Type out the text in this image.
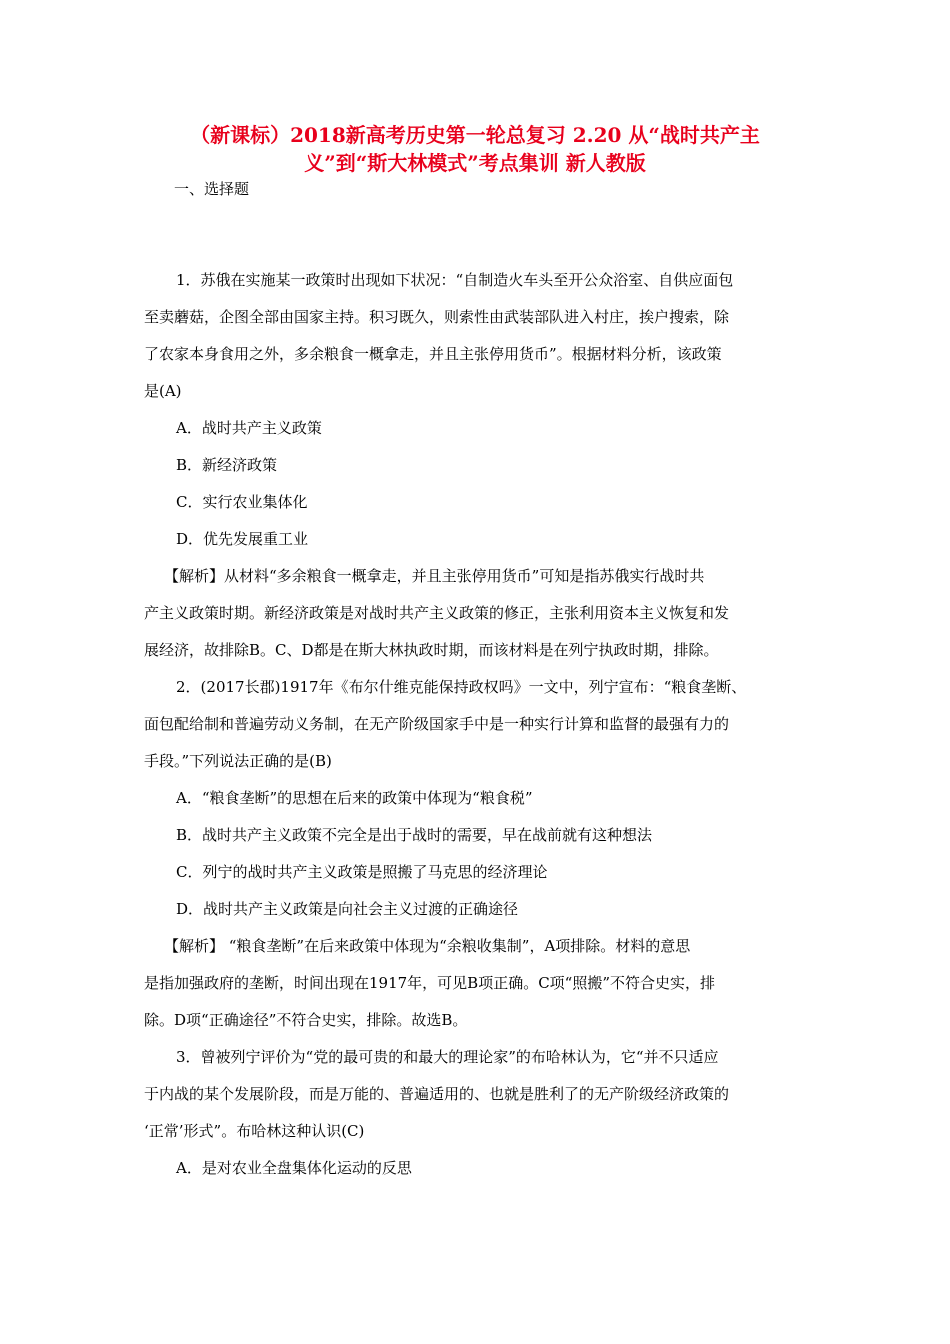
（新课标）2018新高考历史第一轮总复习 2.20 从“战时共产主
义”到“斯大林模式”考点集训 新人教版

一、选择题

1．苏俄在实施某一政策时出现如下状况：“自制造火车头至开公众浴室、自供应面包
至卖蘑菇，企图全部由国家主持。积习既久，则索性由武装部队进入村庄，挨户搜索，除
了农家本身食用之外，多余粮食一概拿走，并且主张停用货币”。根据材料分析，该政策
是(A)

A．战时共产主义政策

B．新经济政策

C．实行农业集体化

D．优先发展重工业

【解析】从材料“多余粮食一概拿走，并且主张停用货币”可知是指苏俄实行战时共
产主义政策时期。新经济政策是对战时共产主义政策的修正，主张利用资本主义恢复和发
展经济，故排除B。C、D都是在斯大林执政时期，而该材料是在列宁执政时期，排除。

2．(2017长郡)1917年《布尔什维克能保持政权吗》一文中，列宁宣布：“粮食垄断、
面包配给制和普遍劳动义务制，在无产阶级国家手中是一种实行计算和监督的最强有力的
手段。”下列说法正确的是(B)

A．“粮食垄断”的思想在后来的政策中体现为“粮食税”

B．战时共产主义政策不完全是出于战时的需要，早在战前就有这种想法

C．列宁的战时共产主义政策是照搬了马克思的经济理论

D．战时共产主义政策是向社会主义过渡的正确途径

【解析】 “粮食垄断”在后来政策中体现为“余粮收集制”，A项排除。材料的意思
是指加强政府的垄断，时间出现在1917年，可见B项正确。C项“照搬”不符合史实，排
除。D项“正确途径”不符合史实，排除。故选B。

3．曾被列宁评价为“党的最可贵的和最大的理论家”的布哈林认为，它“并不只适应
于内战的某个发展阶段，而是万能的、普遍适用的、也就是胜利了的无产阶级经济政策的
‘正常’形式”。布哈林这种认识(C)

A．是对农业全盘集体化运动的反思
